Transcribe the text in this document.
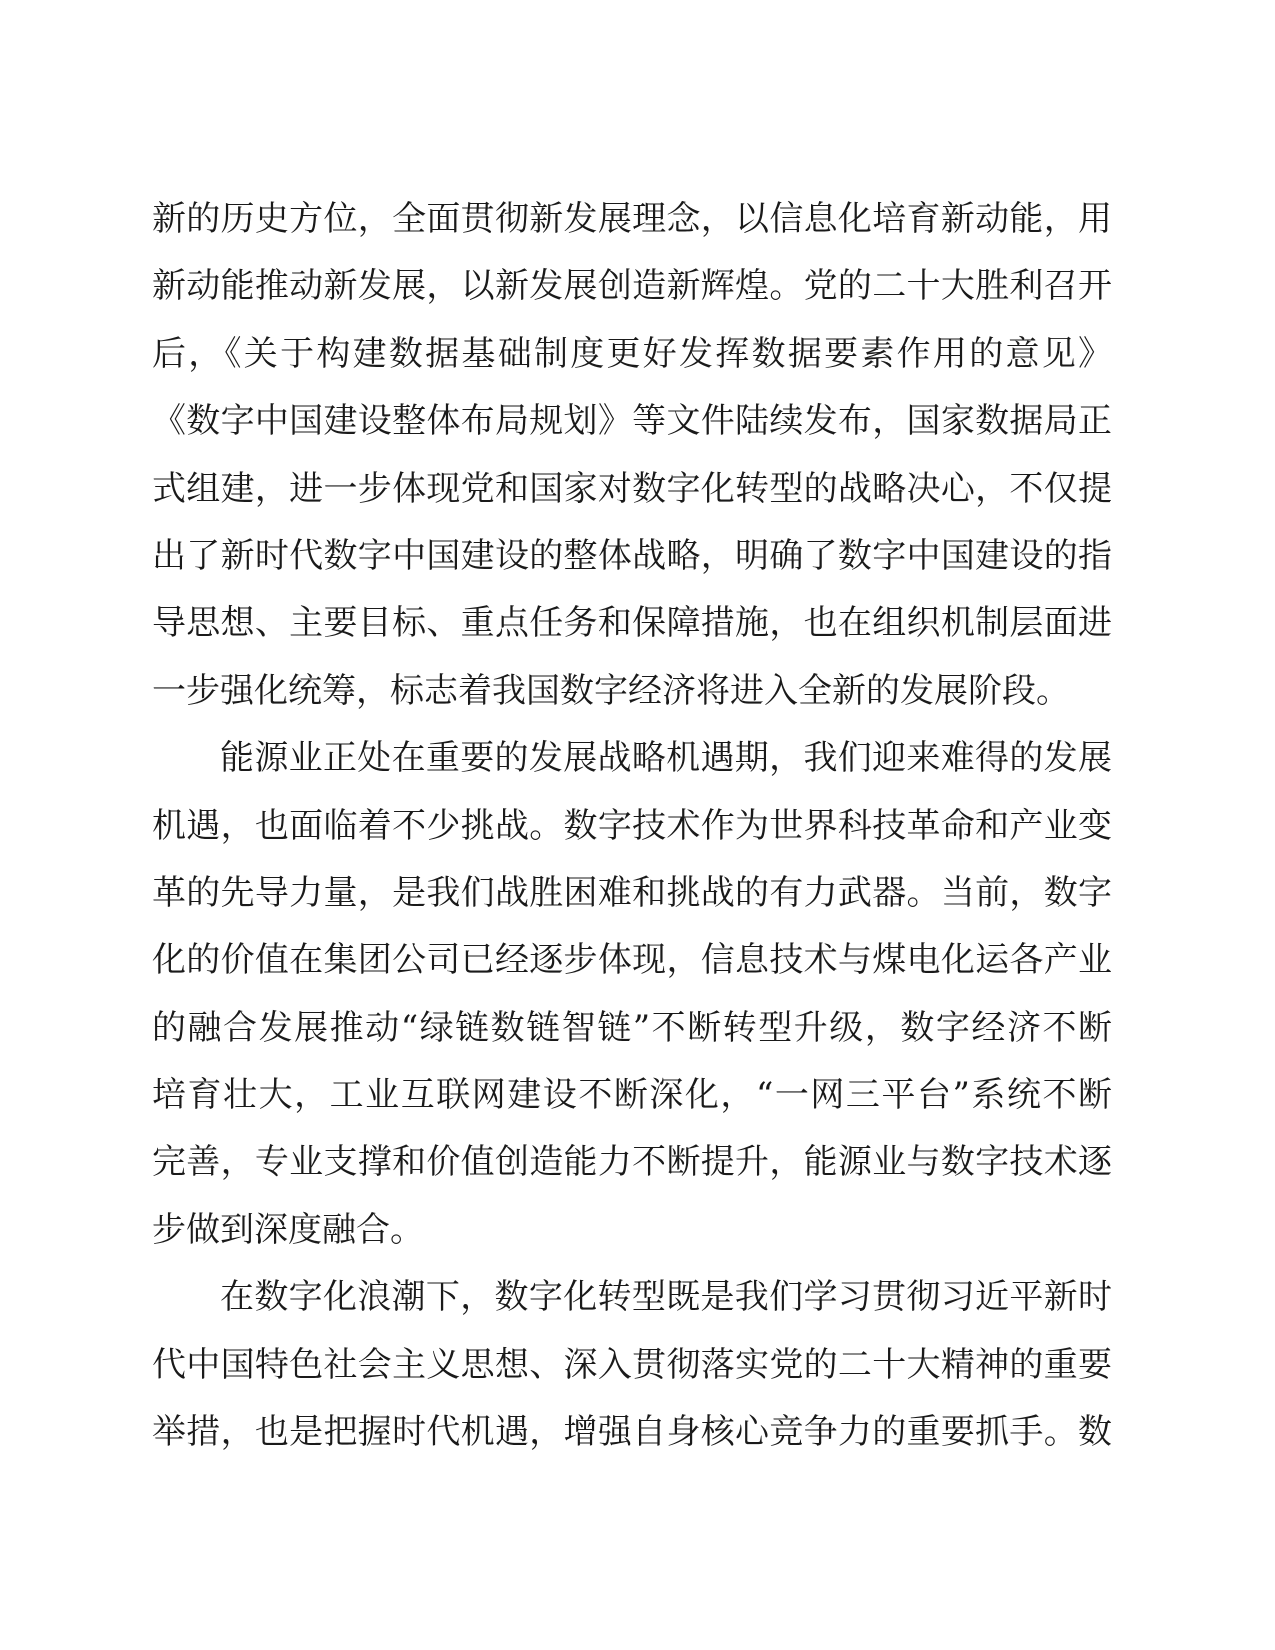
新的历史方位，全面贯彻新发展理念，以信息化培育新动能，用
新动能推动新发展，以新发展创造新辉煌。党的二十大胜利召开
后，《关于构建数据基础制度更好发挥数据要素作用的意见》
《数字中国建设整体布局规划》等文件陆续发布，国家数据局正
式组建，进一步体现党和国家对数字化转型的战略决心，不仅提
出了新时代数字中国建设的整体战略，明确了数字中国建设的指
导思想、主要目标、重点任务和保障措施，也在组织机制层面进
一步强化统筹，标志着我国数字经济将进入全新的发展阶段。
能源业正处在重要的发展战略机遇期，我们迎来难得的发展
机遇，也面临着不少挑战。数字技术作为世界科技革命和产业变
革的先导力量，是我们战胜困难和挑战的有力武器。当前，数字
化的价值在集团公司已经逐步体现，信息技术与煤电化运各产业
的融合发展推动“绿链数链智链”不断转型升级，数字经济不断
培育壮大，工业互联网建设不断深化，“一网三平台”系统不断
完善，专业支撑和价值创造能力不断提升，能源业与数字技术逐
步做到深度融合。
在数字化浪潮下，数字化转型既是我们学习贯彻习近平新时
代中国特色社会主义思想、深入贯彻落实党的二十大精神的重要
举措，也是把握时代机遇，增强自身核心竞争力的重要抓手。数
